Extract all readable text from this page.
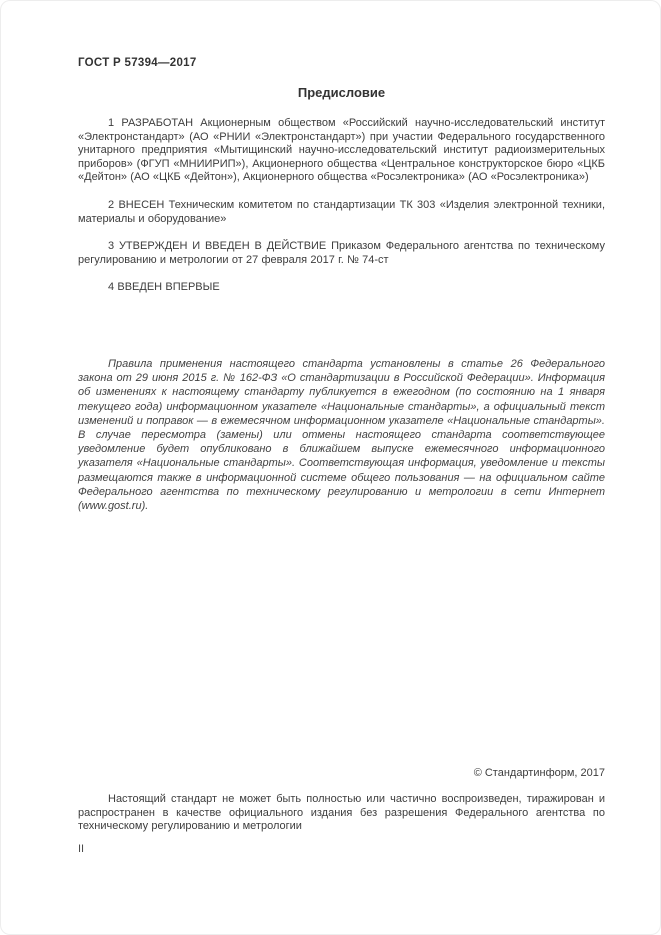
ГОСТ Р 57394—2017
Предисловие

1 РАЗРАБОТАН Акционерным обществом «Российский научно-исследовательский институт «Электронстандарт» (АО «РНИИ «Электронстандарт») при участии Федерального государственного унитарного предприятия «Мытищинский научно-исследовательский институт радиоизмерительных приборов» (ФГУП «МНИИРИП»), Акционерного общества «Центральное конструкторское бюро «ЦКБ «Дейтон» (АО «ЦКБ «Дейтон»), Акционерного общества «Росэлектроника» (АО «Росэлектроника»)

2 ВНЕСЕН Техническим комитетом по стандартизации ТК 303 «Изделия электронной техники, материалы и оборудование»

3 УТВЕРЖДЕН И ВВЕДЕН В ДЕЙСТВИЕ Приказом Федерального агентства по техническому регулированию и метрологии от 27 февраля 2017 г. № 74-ст

4 ВВЕДЕН ВПЕРВЫЕ

Правила применения настоящего стандарта установлены в статье 26 Федерального закона от 29 июня 2015 г. № 162-ФЗ «О стандартизации в Российской Федерации». Информация об изменениях к настоящему стандарту публикуется в ежегодном (по состоянию на 1 января текущего года) информационном указателе «Национальные стандарты», а официальный текст изменений и поправок — в ежемесячном информационном указателе «Национальные стандарты». В случае пересмотра (замены) или отмены настоящего стандарта соответствующее уведомление будет опубликовано в ближайшем выпуске ежемесячного информационного указателя «Национальные стандарты». Соответствующая информация, уведомление и тексты размещаются также в информационной системе общего пользования — на официальном сайте Федерального агентства по техническому регулированию и метрологии в сети Интернет (www.gost.ru).

© Стандартинформ, 2017

Настоящий стандарт не может быть полностью или частично воспроизведен, тиражирован и распространен в качестве официального издания без разрешения Федерального агентства по техническому регулированию и метрологии

II
